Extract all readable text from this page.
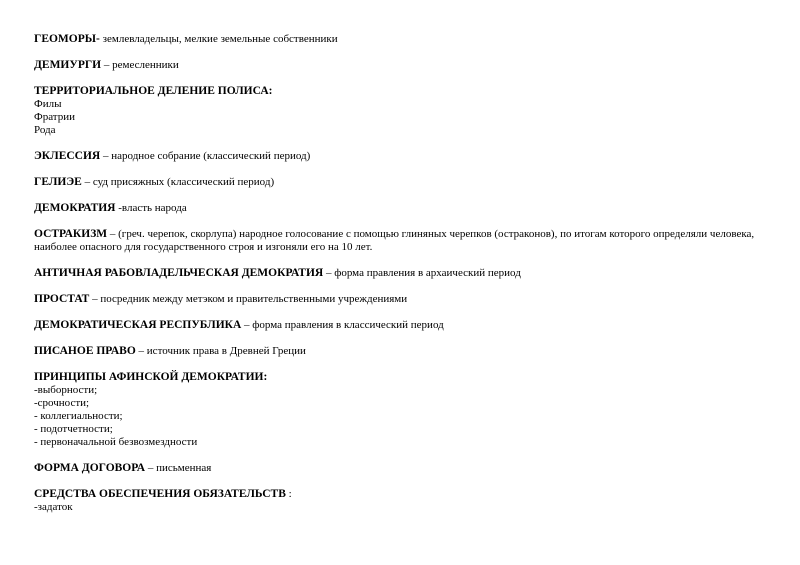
ГЕОМОРЫ- землевладельцы, мелкие земельные собственники
ДЕМИУРГИ – ремесленники
ТЕРРИТОРИАЛЬНОЕ ДЕЛЕНИЕ ПОЛИСА:
Филы
Фратрии
Рода
ЭКЛЕССИЯ – народное собрание (классический период)
ГЕЛИЭЕ – суд присяжных (классический период)
ДЕМОКРАТИЯ -власть народа
ОСТРАКИЗМ – (греч. черепок, скорлупа) народное голосование с помощью глиняных черепков (остраконов), по итогам которого определяли человека, наиболее опасного для государственного строя и изгоняли его на 10 лет.
АНТИЧНАЯ РАБОВЛАДЕЛЬЧЕСКАЯ ДЕМОКРАТИЯ – форма правления в архаический период
ПРОСТАТ – посредник между метэком и правительственными учреждениями
ДЕМОКРАТИЧЕСКАЯ РЕСПУБЛИКА – форма правления в классический период
ПИСАНОЕ ПРАВО – источник права в Древней Греции
ПРИНЦИПЫ АФИНСКОЙ ДЕМОКРАТИИ:
-выборности;
-срочности;
- коллегиальности;
- подотчетности;
- первоначальной безвозмездности
ФОРМА ДОГОВОРА – письменная
СРЕДСТВА ОБЕСПЕЧЕНИЯ ОБЯЗАТЕЛЬСТВ :
-задаток
